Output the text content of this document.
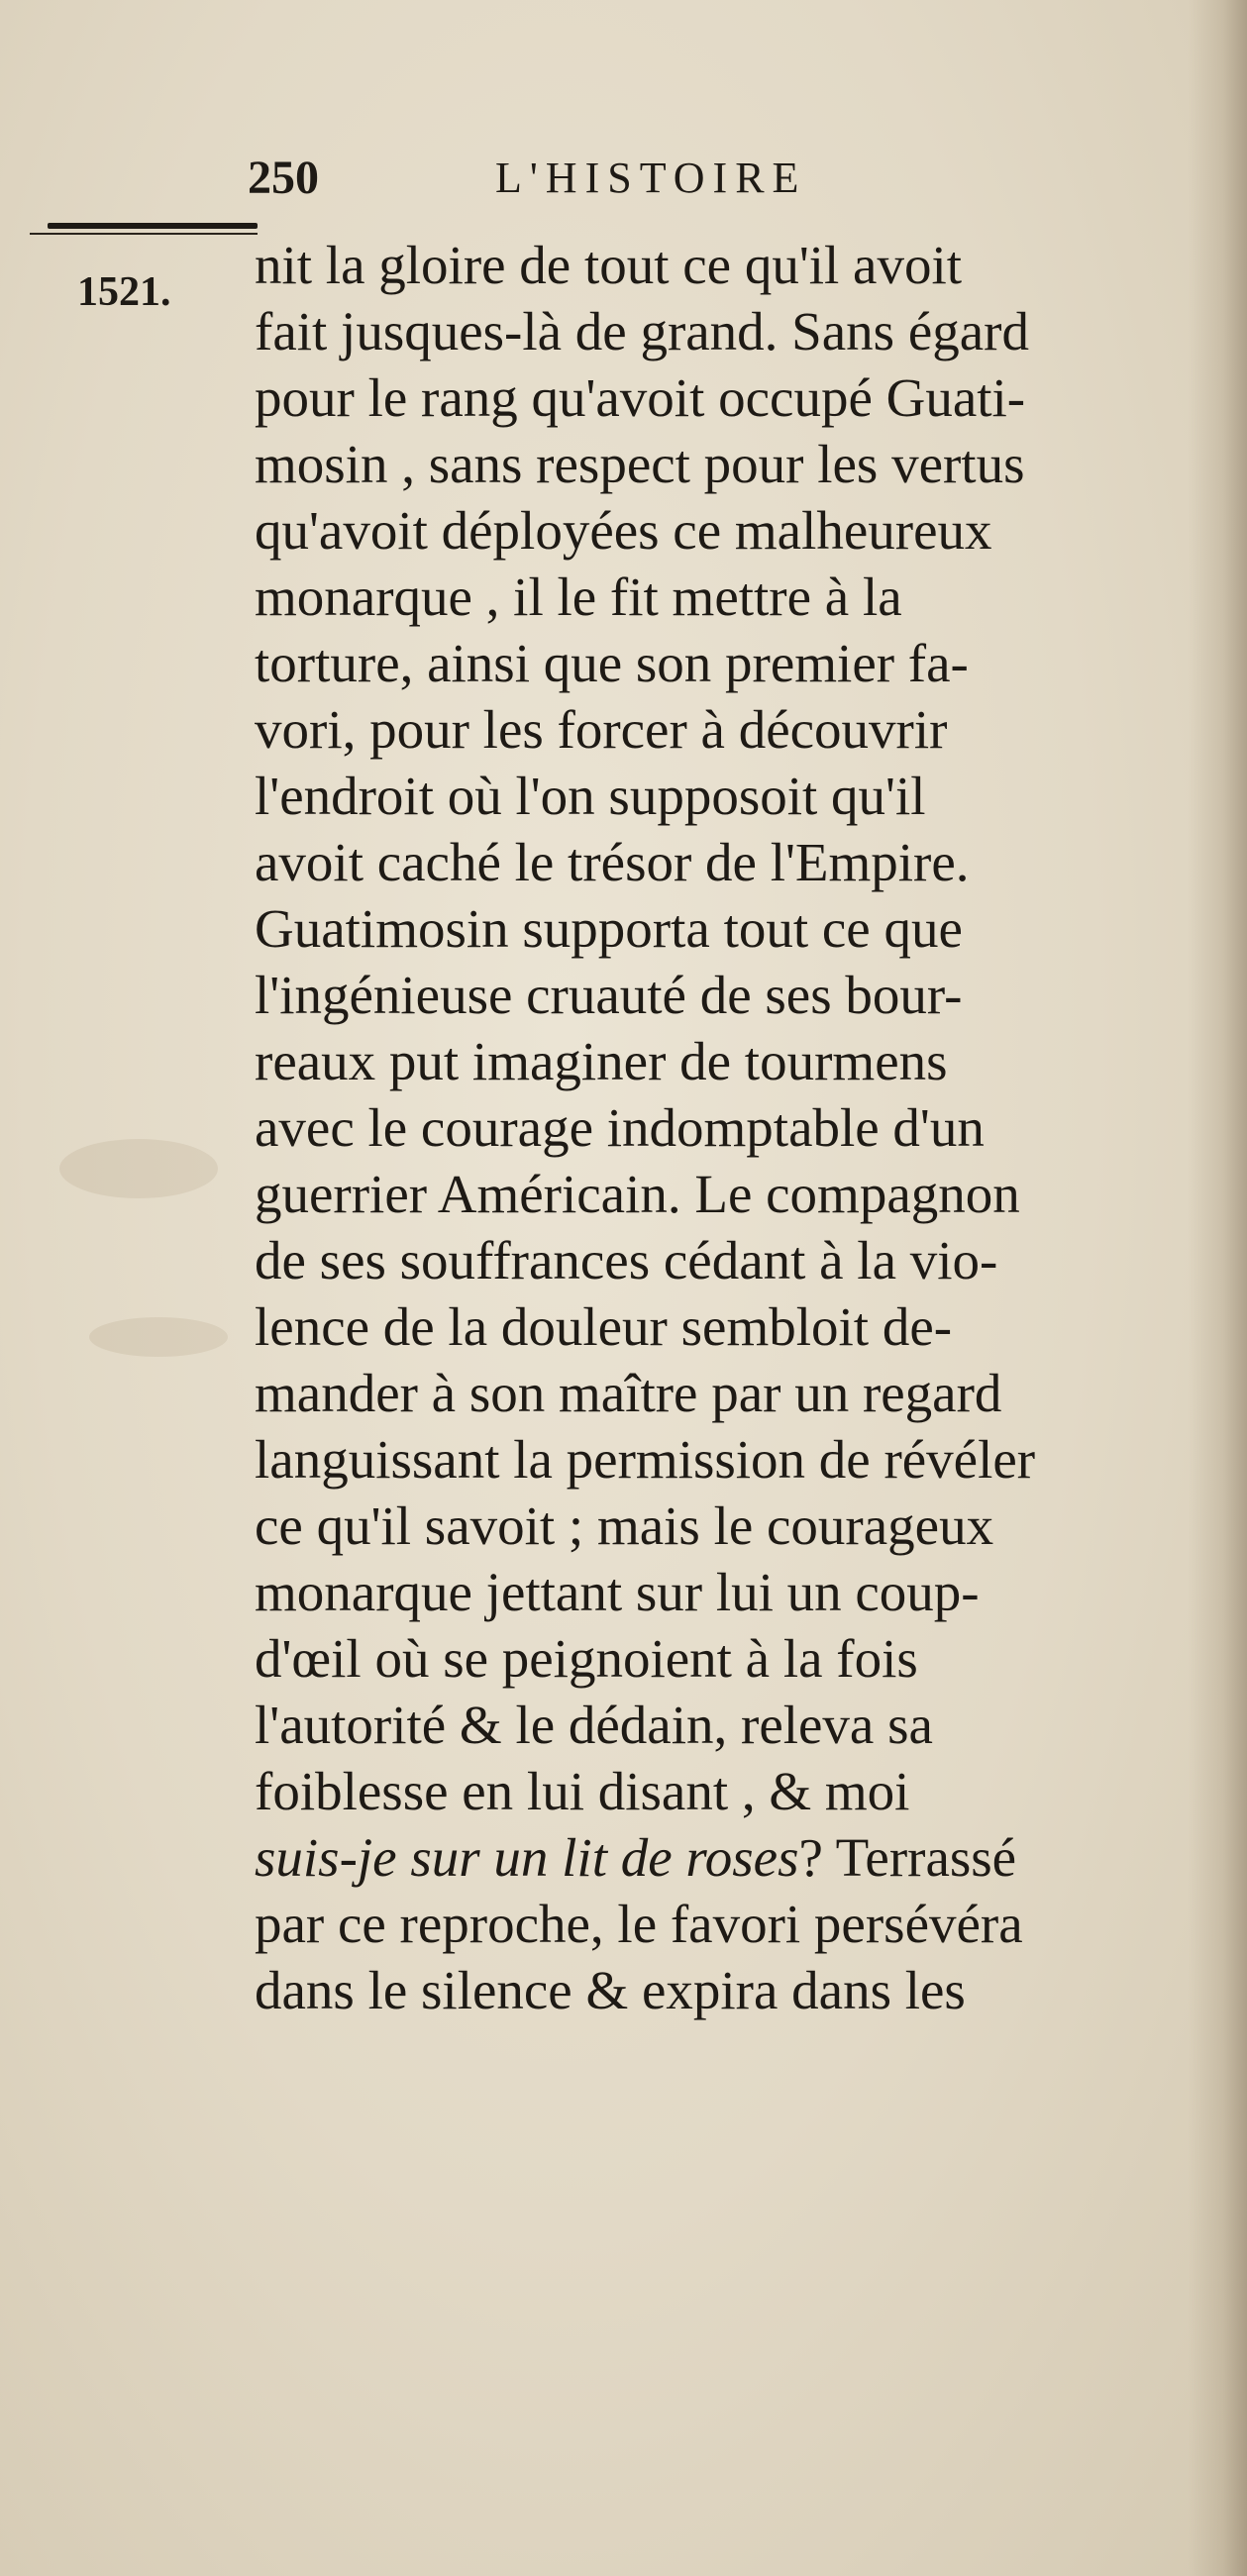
250	L'HISTOIRE
1521. nit la gloire de tout ce qu'il avoit
fait jusques-là de grand. Sans égard
pour le rang qu'avoit occupé Guati-
mosin , sans respect pour les vertus
qu'avoit déployées ce malheureux
monarque , il le fit mettre à la
torture, ainsi que son premier fa-
vori, pour les forcer à découvrir
l'endroit où l'on supposoit qu'il
avoit caché le trésor de l'Empire.
Guatimosin supporta tout ce que
l'ingénieuse cruauté de ses bour-
reaux put imaginer de tourmens
avec le courage indomptable d'un
guerrier Américain. Le compagnon
de ses souffrances cédant à la vio-
lence de la douleur sembloit de-
mander à son maître par un regard
languissant la permission de révéler
ce qu'il savoit ; mais le courageux
monarque jettant sur lui un coup-
d'œil où se peignoient à la fois
l'autorité & le dédain, releva sa
foiblesse en lui disant , & moi
suis-je sur un lit de roses? Terrassé
par ce reproche, le favori persévéra
dans le silence & expira dans les
